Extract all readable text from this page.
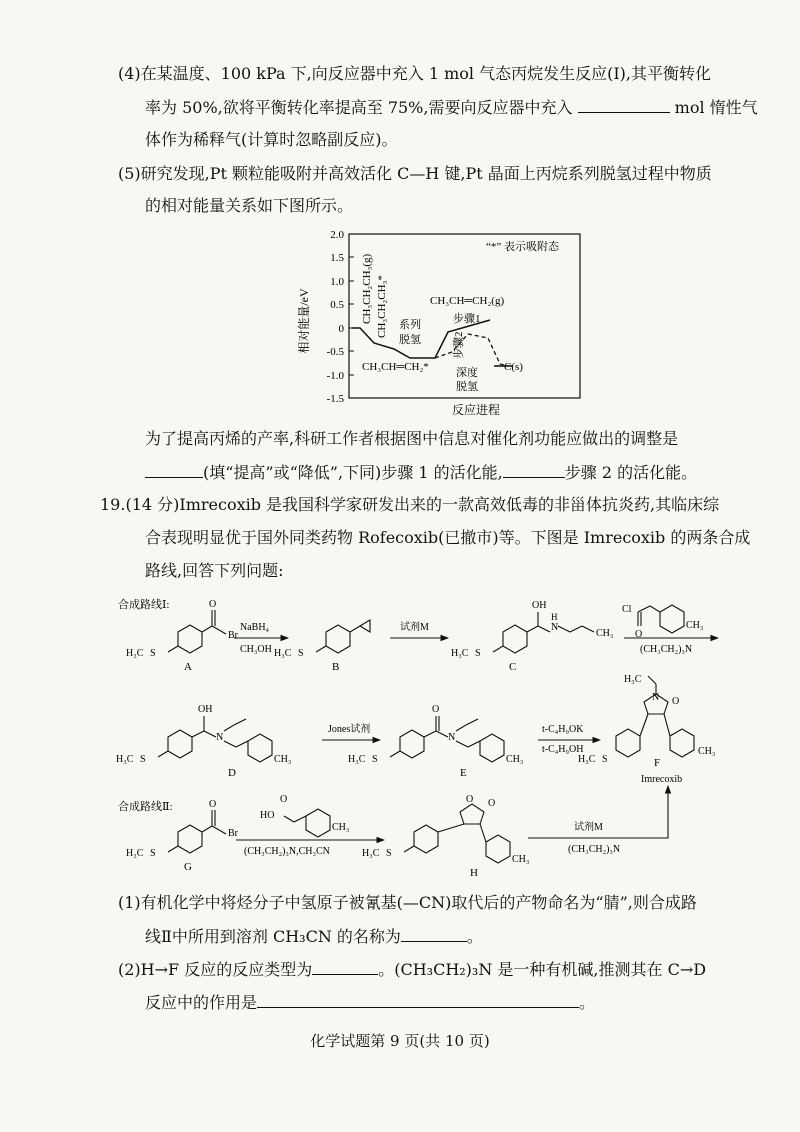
(4)在某温度、100 kPa 下,向反应器中充入 1 mol 气态丙烷发生反应(Ⅰ),其平衡转化
率为 50%,欲将平衡转化率提高至 75%,需要向反应器中充入	mol 惰性气
体作为稀释气(计算时忽略副反应)。
(5)研究发现,Pt 颗粒能吸附并高效活化 C—H 键,Pt 晶面上丙烷系列脱氢过程中物质
的相对能量关系如下图所示。
相对能量/eV
2.0
1.5
1.0
0.5
0
-0.5
-1.0
-1.5
“*” 表示吸附态
CH₃CH₂CH₃(g) CH₃CH₂CH₃*	CH₃CH═CH₂(g)
CH₃CH═CH₂*	C(s)
系列
脱氢
步骤1
步骤2
深度
脱氢
反应进程
为了提高丙烯的产率,科研工作者根据图中信息对催化剂功能应做出的调整是
(填“提高”或“降低”,下同)步骤 1 的活化能,	步骤 2 的活化能。
19.(14 分)Imrecoxib 是我国科学家研发出来的一款高效低毒的非甾体抗炎药,其临床综
合表现明显优于国外同类药物 Rofecoxib(已撤市)等。下图是 Imrecoxib 的两条合成
路线,回答下列问题:
合成路线Ⅰ:
合成路线Ⅱ:
H₃C S
O
Br
H₃C S	H₃C S
OH
N
H
CH₃
Cl
O
CH₃
H₃C S
OH
N
CH₃	H₃C S
O
N
CH₃
H₃C
N O
H₃C S
CH₃
H₃C S
O
Br
HO
O
CH₃
H₃C S
O O
CH₃
NaBH₄
CH₃OH
试剂M
(CH₃CH₂)₃N
Jones试剂	t-C₄H₉OK
t-C₄H₉OH
(CH₃CH₂)₃N,CH₃CN
试剂M
(CH₃CH₂)₃N
A	B	C
D	E
F
Imrecoxib
G	H
(1)有机化学中将烃分子中氢原子被氰基(—CN)取代后的产物命名为“腈”,则合成路
线Ⅱ中所用到溶剂 CH₃CN 的名称为	。
(2)H→F 反应的反应类型为	。(CH₃CH₂)₃N 是一种有机碱,推测其在 C→D
反应中的作用是	。
化学试题第 9 页(共 10 页)
